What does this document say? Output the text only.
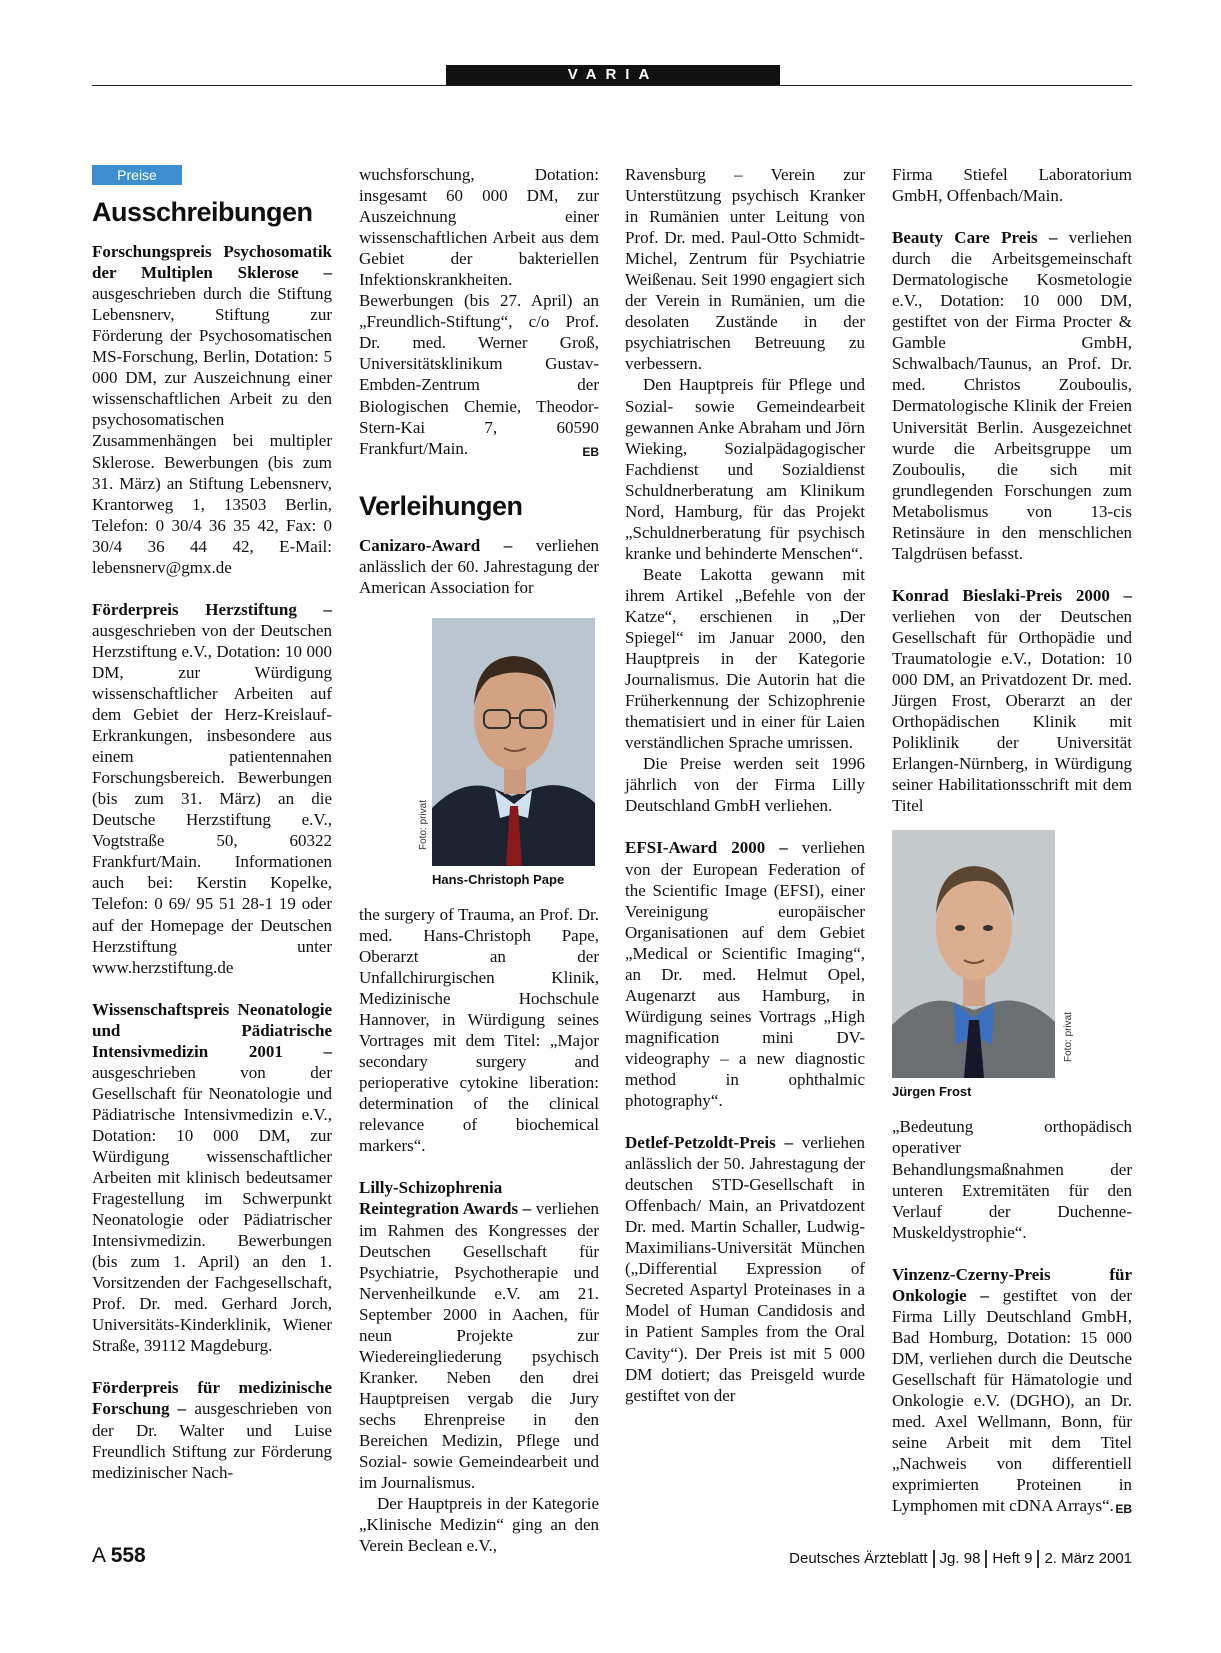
VARIA
Preise
Ausschreibungen

Forschungspreis Psychosomatik der Multiplen Sklerose – ausgeschrieben durch die Stiftung Lebensnerv, Stiftung zur Förderung der Psychosomatischen MS-Forschung, Berlin, Dotation: 5 000 DM, zur Auszeichnung einer wissenschaftlichen Arbeit zu den psychosomatischen Zusammenhängen bei multipler Sklerose. Bewerbungen (bis zum 31. März) an Stiftung Lebensnerv, Krantorweg 1, 13503 Berlin, Telefon: 0 30/4 36 35 42, Fax: 0 30/4 36 44 42, E-Mail: lebensnerv@gmx.de

Förderpreis Herzstiftung – ausgeschrieben von der Deutschen Herzstiftung e.V., Dotation: 10 000 DM, zur Würdigung wissenschaftlicher Arbeiten auf dem Gebiet der Herz-Kreislauf-Erkrankungen, insbesondere aus einem patientennahen Forschungsbereich. Bewerbungen (bis zum 31. März) an die Deutsche Herzstiftung e.V., Vogtstraße 50, 60322 Frankfurt/Main. Informationen auch bei: Kerstin Kopelke, Telefon: 0 69/ 95 51 28-1 19 oder auf der Homepage der Deutschen Herzstiftung unter www.herzstiftung.de

Wissenschaftspreis Neonatologie und Pädiatrische Intensivmedizin 2001 – ausgeschrieben von der Gesellschaft für Neonatologie und Pädiatrische Intensivmedizin e.V., Dotation: 10 000 DM, zur Würdigung wissenschaftlicher Arbeiten mit klinisch bedeutsamer Fragestellung im Schwerpunkt Neonatologie oder Pädiatrischer Intensivmedizin. Bewerbungen (bis zum 1. April) an den 1. Vorsitzenden der Fachgesellschaft, Prof. Dr. med. Gerhard Jorch, Universitäts-Kinderklinik, Wiener Straße, 39112 Magdeburg.

Förderpreis für medizinische Forschung – ausgeschrieben von der Dr. Walter und Luise Freundlich Stiftung zur Förderung medizinischer Nach-

wuchsforschung, Dotation: insgesamt 60 000 DM, zur Auszeichnung einer wissenschaftlichen Arbeit aus dem Gebiet der bakteriellen Infektionskrankheiten. Bewerbungen (bis 27. April) an „Freundlich-Stiftung“, c/o Prof. Dr. med. Werner Groß, Universitätsklinikum Gustav-Embden-Zentrum der Biologischen Chemie, Theodor-Stern-Kai 7, 60590 Frankfurt/Main.	EB

Verleihungen

Canizaro-Award – verliehen anlässlich der 60. Jahrestagung der American Association for

Foto: privat
Hans-Christoph Pape

the surgery of Trauma, an Prof. Dr. med. Hans-Christoph Pape, Oberarzt an der Unfallchirurgischen Klinik, Medizinische Hochschule Hannover, in Würdigung seines Vortrages mit dem Titel: „Major secondary surgery and perioperative cytokine liberation: determination of the clinical relevance of biochemical markers“.

Lilly-Schizophrenia Reintegration Awards – verliehen im Rahmen des Kongresses der Deutschen Gesellschaft für Psychiatrie, Psychotherapie und Nervenheilkunde e.V. am 21. September 2000 in Aachen, für neun Projekte zur Wiedereingliederung psychisch Kranker. Neben den drei Hauptpreisen vergab die Jury sechs Ehrenpreise in den Bereichen Medizin, Pflege und Sozial- sowie Gemeindearbeit und im Journalismus.

Der Hauptpreis in der Kategorie „Klinische Medizin“ ging an den Verein Beclean e.V.,

Ravensburg – Verein zur Unterstützung psychisch Kranker in Rumänien unter Leitung von Prof. Dr. med. Paul-Otto Schmidt-Michel, Zentrum für Psychiatrie Weißenau. Seit 1990 engagiert sich der Verein in Rumänien, um die desolaten Zustände in der psychiatrischen Betreuung zu verbessern.

Den Hauptpreis für Pflege und Sozial- sowie Gemeindearbeit gewannen Anke Abraham und Jörn Wieking, Sozialpädagogischer Fachdienst und Sozialdienst Schuldnerberatung am Klinikum Nord, Hamburg, für das Projekt „Schuldnerberatung für psychisch kranke und behinderte Menschen“.

Beate Lakotta gewann mit ihrem Artikel „Befehle von der Katze“, erschienen in „Der Spiegel“ im Januar 2000, den Hauptpreis in der Kategorie Journalismus. Die Autorin hat die Früherkennung der Schizophrenie thematisiert und in einer für Laien verständlichen Sprache umrissen.

Die Preise werden seit 1996 jährlich von der Firma Lilly Deutschland GmbH verliehen.

EFSI-Award 2000 – verliehen von der European Federation of the Scientific Image (EFSI), einer Vereinigung europäischer Organisationen auf dem Gebiet „Medical or Scientific Imaging“, an Dr. med. Helmut Opel, Augenarzt aus Hamburg, in Würdigung seines Vortrags „High magnification mini DV-videography – a new diagnostic method in ophthalmic photography“.

Detlef-Petzoldt-Preis – verliehen anlässlich der 50. Jahrestagung der deutschen STD-Gesellschaft in Offenbach/ Main, an Privatdozent Dr. med. Martin Schaller, Ludwig-Maximilians-Universität München („Differential Expression of Secreted Aspartyl Proteinases in a Model of Human Candidosis and in Patient Samples from the Oral Cavity“). Der Preis ist mit 5 000 DM dotiert; das Preisgeld wurde gestiftet von der

Firma Stiefel Laboratorium GmbH, Offenbach/Main.

Beauty Care Preis – verliehen durch die Arbeitsgemeinschaft Dermatologische Kosmetologie e.V., Dotation: 10 000 DM, gestiftet von der Firma Procter & Gamble GmbH, Schwalbach/Taunus, an Prof. Dr. med. Christos Zouboulis, Dermatologische Klinik der Freien Universität Berlin. Ausgezeichnet wurde die Arbeitsgruppe um Zouboulis, die sich mit grundlegenden Forschungen zum Metabolismus von 13-cis Retinsäure in den menschlichen Talgdrüsen befasst.

Konrad Bieslaki-Preis 2000 – verliehen von der Deutschen Gesellschaft für Orthopädie und Traumatologie e.V., Dotation: 10 000 DM, an Privatdozent Dr. med. Jürgen Frost, Oberarzt an der Orthopädischen Klinik mit Poliklinik der Universität Erlangen-Nürnberg, in Würdigung seiner Habilitationsschrift mit dem Titel

Foto: privat
Jürgen Frost

„Bedeutung orthopädisch operativer Behandlungsmaßnahmen der unteren Extremitäten für den Verlauf der Duchenne-Muskeldystrophie“.

Vinzenz-Czerny-Preis für Onkologie – gestiftet von der Firma Lilly Deutschland GmbH, Bad Homburg, Dotation: 15 000 DM, verliehen durch die Deutsche Gesellschaft für Hämatologie und Onkologie e.V. (DGHO), an Dr. med. Axel Wellmann, Bonn, für seine Arbeit mit dem Titel „Nachweis von differentiell exprimierten Proteinen in Lymphomen mit cDNA Arrays“. EB

A 558	Deutsches Ärzteblatt Jg. 98 Heft 9 2. März 2001
